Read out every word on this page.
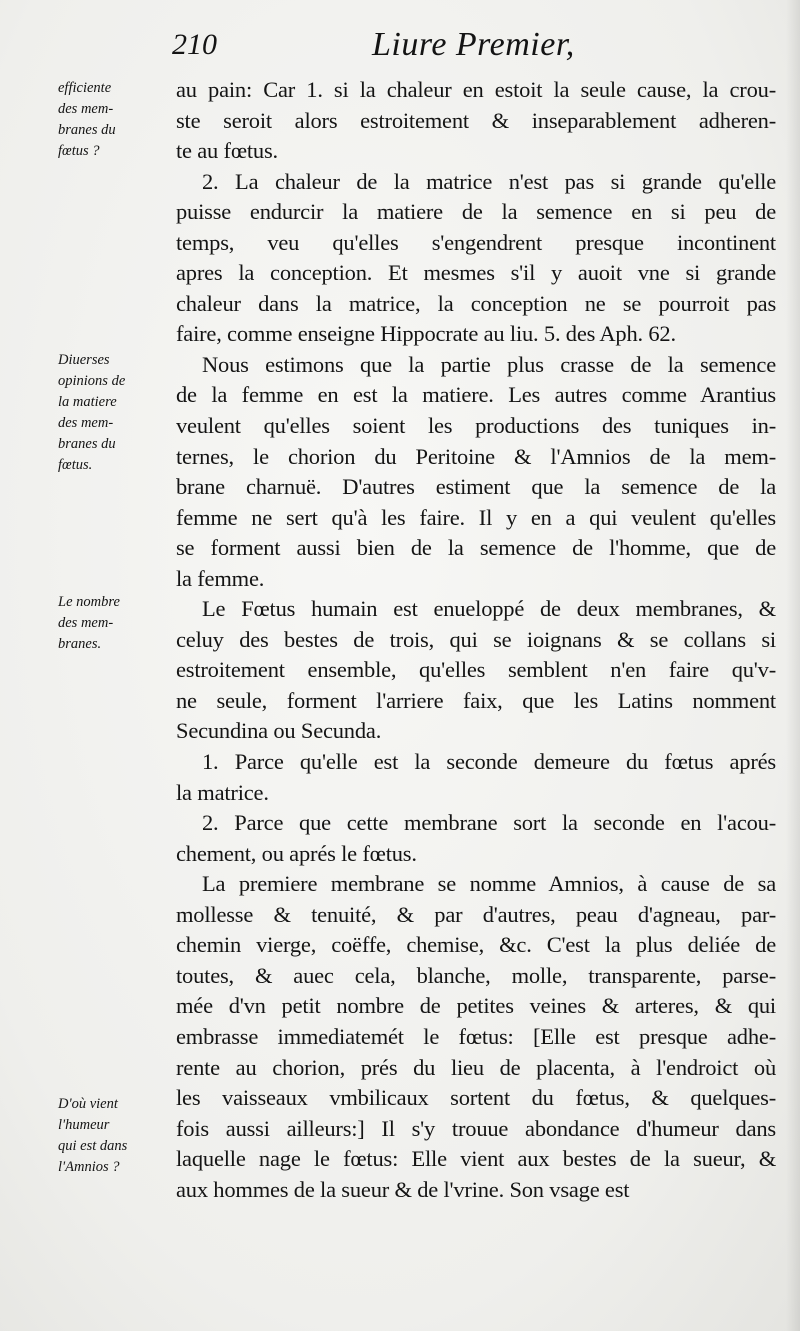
210	Liure Premier,
efficiente
des mem-
branes du
fœtus ?
Diuerses
opinions de
la matiere
des mem-
branes du
fœtus.
Le nombre
des mem-
branes.
D'où vient
l'humeur
qui est dans
l'Amnios ?
au pain: Car 1. si la chaleur en estoit la seule cause, la crou-
ste seroit alors estroitement & inseparablement adheren-
te au fœtus.
2. La chaleur de la matrice n'est pas si grande qu'elle
puisse endurcir la matiere de la semence en si peu de
temps, veu qu'elles s'engendrent presque incontinent
apres la conception. Et mesmes s'il y auoit vne si grande
chaleur dans la matrice, la conception ne se pourroit pas
faire, comme enseigne Hippocrate au liu. 5. des Aph. 62.
Nous estimons que la partie plus crasse de la semence
de la femme en est la matiere. Les autres comme Arantius
veulent qu'elles soient les productions des tuniques in-
ternes, le chorion du Peritoine & l'Amnios de la mem-
brane charnuë. D'autres estiment que la semence de la
femme ne sert qu'à les faire. Il y en a qui veulent qu'elles
se forment aussi bien de la semence de l'homme, que de
la femme.
Le Fœtus humain est enueloppé de deux membranes, &
celuy des bestes de trois, qui se ioignans & se collans si
estroitement ensemble, qu'elles semblent n'en faire qu'v-
ne seule, forment l'arriere faix, que les Latins nomment
Secundina ou Secunda.
1. Parce qu'elle est la seconde demeure du fœtus aprés
la matrice.
2. Parce que cette membrane sort la seconde en l'acou-
chement, ou aprés le fœtus.
La premiere membrane se nomme Amnios, à cause de sa
mollesse & tenuité, & par d'autres, peau d'agneau, par-
chemin vierge, coëffe, chemise, &c. C'est la plus deliée de
toutes, & auec cela, blanche, molle, transparente, parse-
mée d'vn petit nombre de petites veines & arteres, & qui
embrasse immediatemét le fœtus: [Elle est presque adhe-
rente au chorion, prés du lieu de placenta, à l'endroict où
les vaisseaux vmbilicaux sortent du fœtus, & quelques-
fois aussi ailleurs:] Il s'y trouue abondance d'humeur dans
laquelle nage le fœtus: Elle vient aux bestes de la sueur, &
aux hommes de la sueur & de l'vrine. Son vsage est
